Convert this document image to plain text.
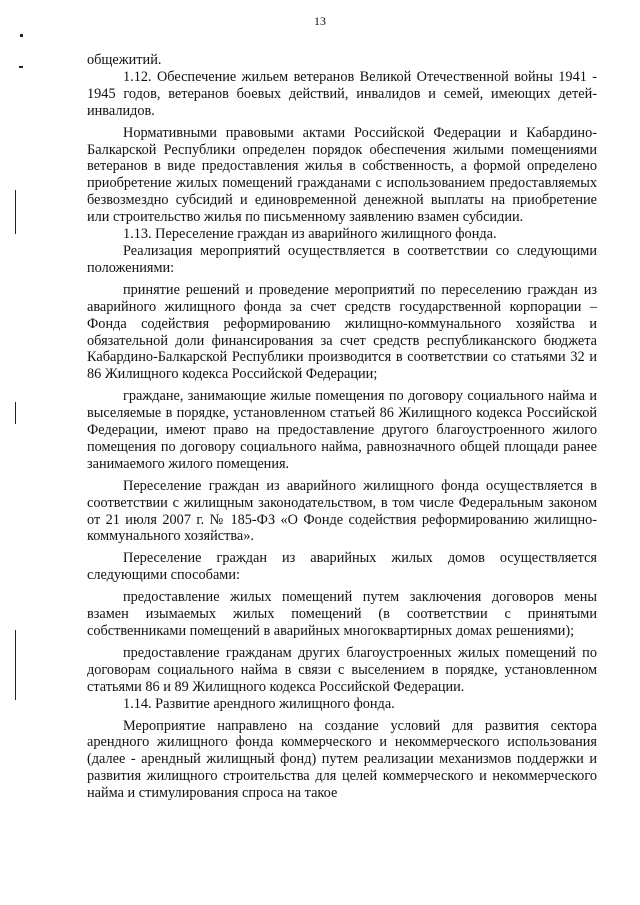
13

общежитий.

1.12. Обеспечение жильем ветеранов Великой Отечественной войны 1941 - 1945 годов, ветеранов боевых действий, инвалидов и семей, имеющих детей-инвалидов.

Нормативными правовыми актами Российской Федерации и Кабардино-Балкарской Республики определен порядок обеспечения жилыми помещениями ветеранов в виде предоставления жилья в собственность, а формой определено приобретение жилых помещений гражданами с использованием предоставляемых безвозмездно субсидий и единовременной денежной выплаты на приобретение или строительство жилья по письменному заявлению взамен субсидии.

1.13. Переселение граждан из аварийного жилищного фонда.

Реализация мероприятий осуществляется в соответствии со следующими положениями:

принятие решений и проведение мероприятий по переселению граждан из аварийного жилищного фонда за счет средств государственной корпорации – Фонда содействия реформированию жилищно-коммунального хозяйства и обязательной доли финансирования за счет средств республиканского бюджета Кабардино-Балкарской Республики производится в соответствии со статьями 32 и 86 Жилищного кодекса Российской Федерации;

граждане, занимающие жилые помещения по договору социального найма и выселяемые в порядке, установленном статьей 86 Жилищного кодекса Российской Федерации, имеют право на предоставление другого благоустроенного жилого помещения по договору социального найма, равнозначного общей площади ранее занимаемого жилого помещения.

Переселение граждан из аварийного жилищного фонда осуществляется в соответствии с жилищным законодательством, в том числе Федеральным законом от 21 июля 2007 г. № 185-ФЗ «О Фонде содействия реформированию жилищно-коммунального хозяйства».

Переселение граждан из аварийных жилых домов осуществляется следующими способами:

предоставление жилых помещений путем заключения договоров мены взамен изымаемых жилых помещений (в соответствии с принятыми собственниками помещений в аварийных многоквартирных домах решениями);

предоставление гражданам других благоустроенных жилых помещений по договорам социального найма в связи с выселением в порядке, установленном статьями 86 и 89 Жилищного кодекса Российской Федерации.

1.14. Развитие арендного жилищного фонда.

Мероприятие направлено на создание условий для развития сектора арендного жилищного фонда коммерческого и некоммерческого использования (далее - арендный жилищный фонд) путем реализации механизмов поддержки и развития жилищного строительства для целей коммерческого и некоммерческого найма и стимулирования спроса на такое
